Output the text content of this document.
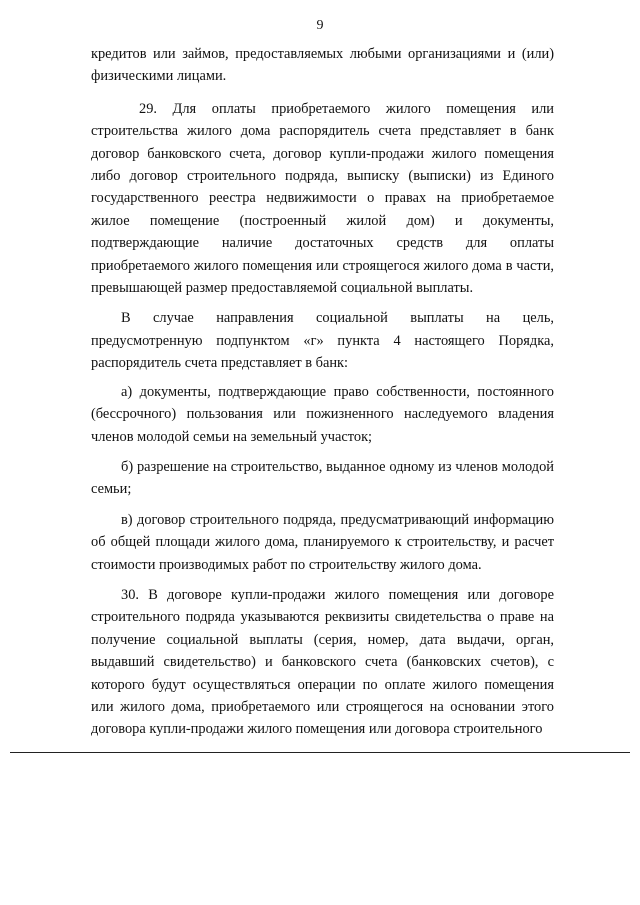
9

кредитов или займов, предоставляемых любыми организациями и (или) физическими лицами.

29. Для оплаты приобретаемого жилого помещения или строительства жилого дома распорядитель счета представляет в банк договор банковского счета, договор купли-продажи жилого помещения либо договор строительного подряда, выписку (выписки) из Единого государственного реестра недвижимости о правах на приобретаемое жилое помещение (построенный жилой дом) и документы, подтверждающие наличие достаточных средств для оплаты приобретаемого жилого помещения или строящегося жилого дома в части, превышающей размер предоставляемой социальной выплаты.

В случае направления социальной выплаты на цель, предусмотренную подпунктом «г» пункта 4 настоящего Порядка, распорядитель счета представляет в банк:

а) документы, подтверждающие право собственности, постоянного (бессрочного) пользования или пожизненного наследуемого владения членов молодой семьи на земельный участок;

б) разрешение на строительство, выданное одному из членов молодой семьи;

в) договор строительного подряда, предусматривающий информацию об общей площади жилого дома, планируемого к строительству, и расчет стоимости производимых работ по строительству жилого дома.

30. В договоре купли-продажи жилого помещения или договоре строительного подряда указываются реквизиты свидетельства о праве на получение социальной выплаты (серия, номер, дата выдачи, орган, выдавший свидетельство) и банковского счета (банковских счетов), с которого будут осуществляться операции по оплате жилого помещения или жилого дома, приобретаемого или строящегося на основании этого договора купли-продажи жилого помещения или договора строительного
